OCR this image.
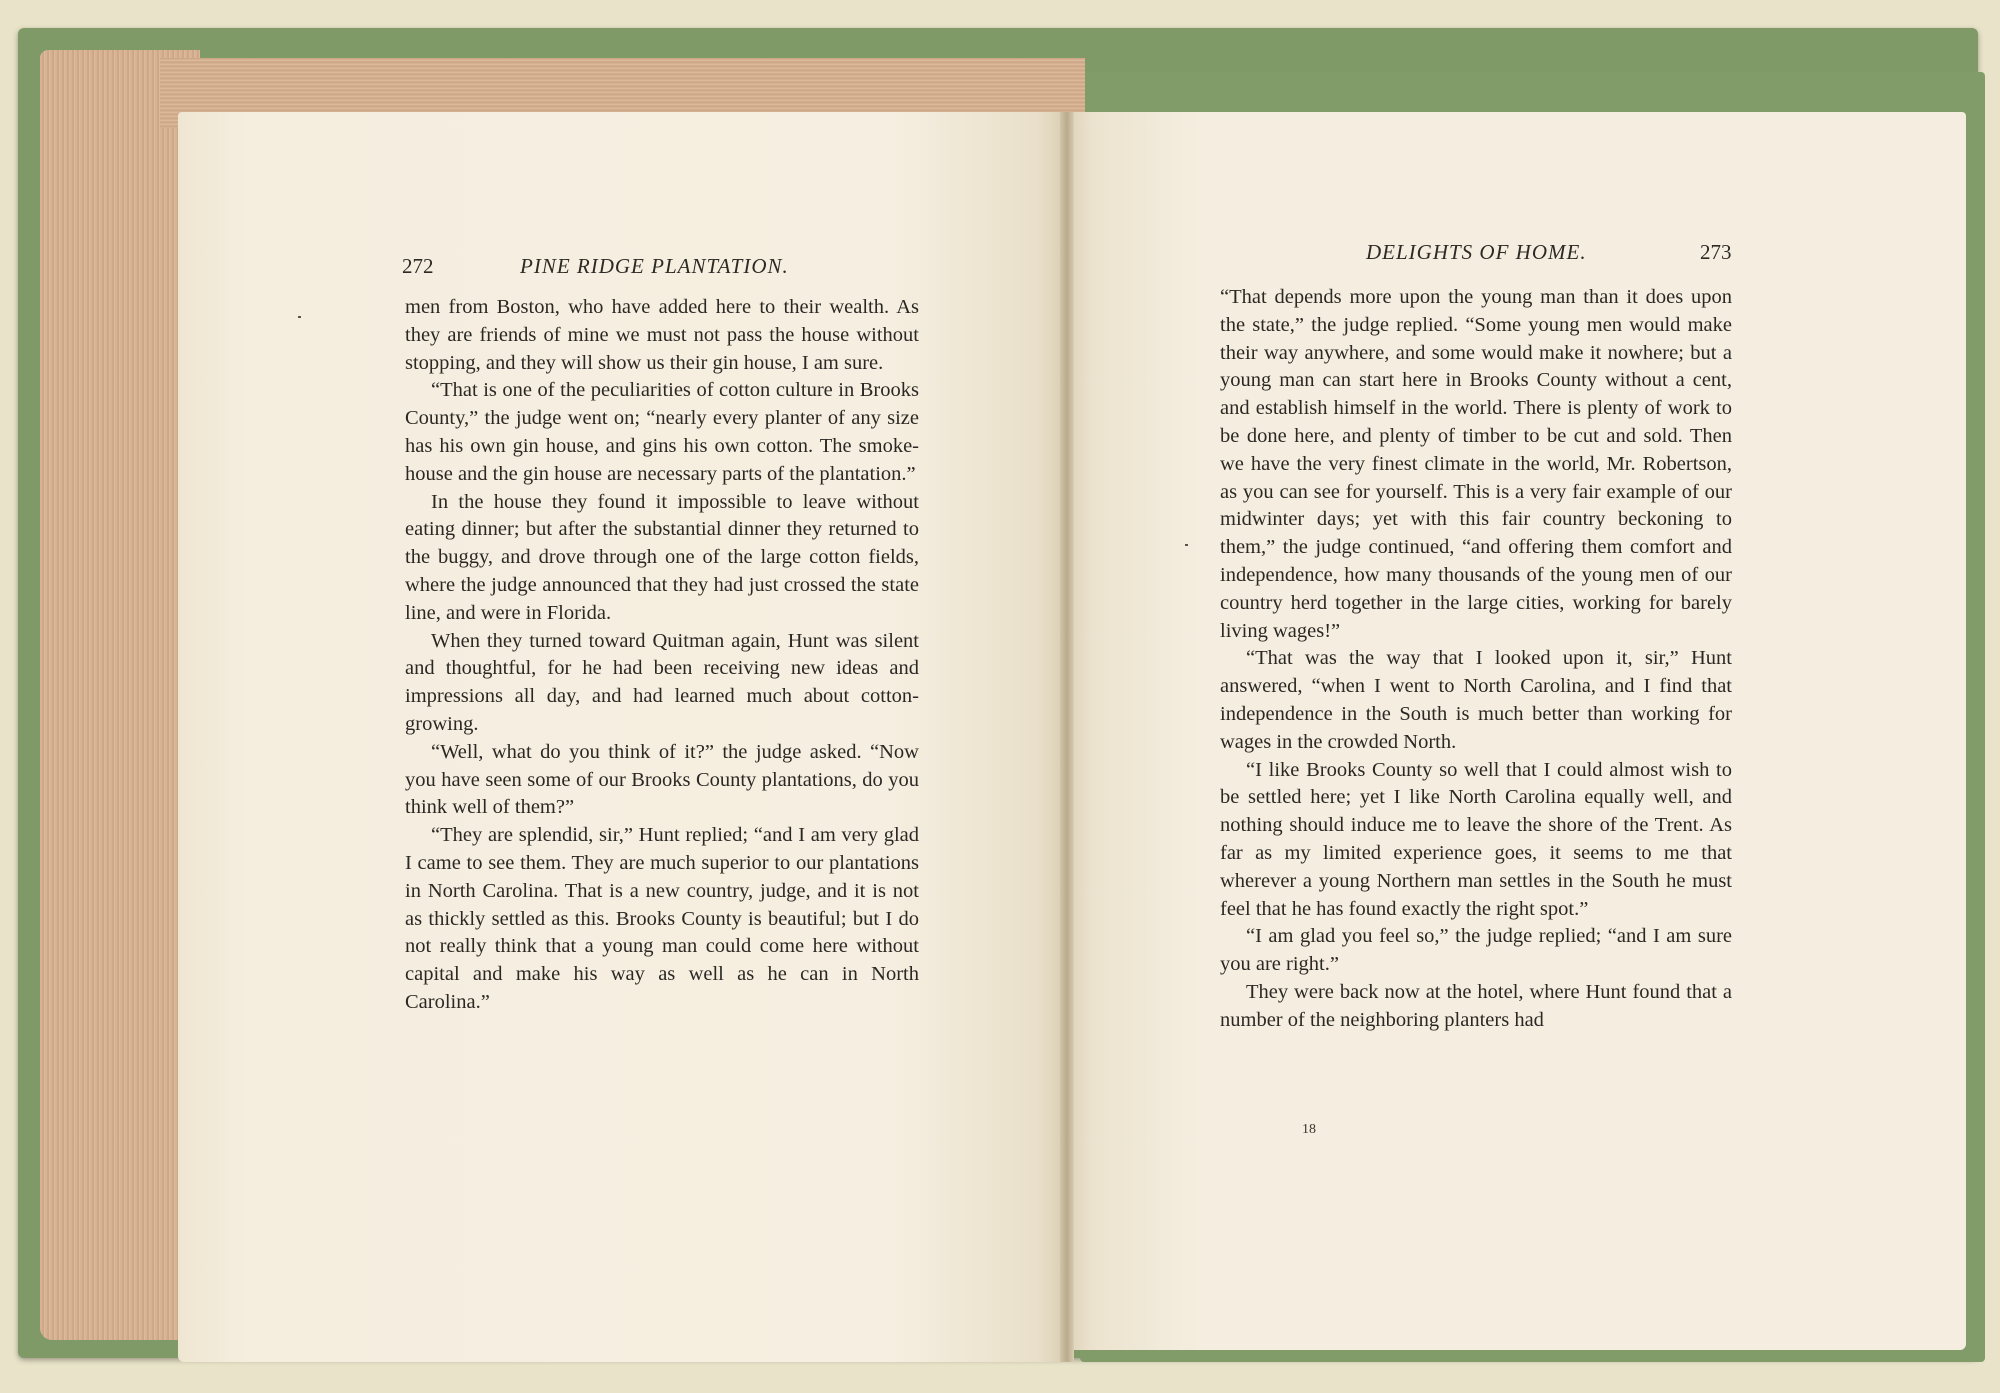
272	PINE RIDGE PLANTATION.

men from Boston, who have added here to their wealth. As they are friends of mine we must not pass the house without stopping, and they will show us their gin house, I am sure.

“That is one of the peculiarities of cotton culture in Brooks County,” the judge went on; “nearly every planter of any size has his own gin house, and gins his own cotton. The smoke-house and the gin house are necessary parts of the plantation.”

In the house they found it impossible to leave without eating dinner; but after the substantial dinner they returned to the buggy, and drove through one of the large cotton fields, where the judge announced that they had just crossed the state line, and were in Florida.

When they turned toward Quitman again, Hunt was silent and thoughtful, for he had been receiving new ideas and impressions all day, and had learned much about cotton-growing.

“Well, what do you think of it?” the judge asked. “Now you have seen some of our Brooks County plantations, do you think well of them?”

“They are splendid, sir,” Hunt replied; “and I am very glad I came to see them. They are much superior to our plantations in North Carolina. That is a new country, judge, and it is not as thickly settled as this. Brooks County is beautiful; but I do not really think that a young man could come here without capital and make his way as well as he can in North Carolina.”

DELIGHTS OF HOME.	273

“That depends more upon the young man than it does upon the state,” the judge replied. “Some young men would make their way anywhere, and some would make it nowhere; but a young man can start here in Brooks County without a cent, and establish himself in the world. There is plenty of work to be done here, and plenty of timber to be cut and sold. Then we have the very finest climate in the world, Mr. Robertson, as you can see for yourself. This is a very fair example of our midwinter days; yet with this fair country beckoning to them,” the judge continued, “and offering them comfort and independence, how many thousands of the young men of our country herd together in the large cities, working for barely living wages!”

“That was the way that I looked upon it, sir,” Hunt answered, “when I went to North Carolina, and I find that independence in the South is much better than working for wages in the crowded North.

“I like Brooks County so well that I could almost wish to be settled here; yet I like North Carolina equally well, and nothing should induce me to leave the shore of the Trent. As far as my limited experience goes, it seems to me that wherever a young Northern man settles in the South he must feel that he has found exactly the right spot.”

“I am glad you feel so,” the judge replied; “and I am sure you are right.”

They were back now at the hotel, where Hunt found that a number of the neighboring planters had

18
